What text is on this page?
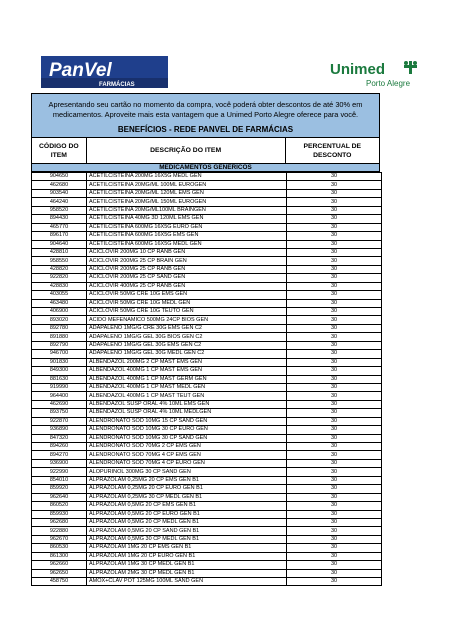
PanVel
FARMÁCIAS
Unimed
Porto Alegre
Apresentando seu cartão no momento da compra, você poderá obter descontos de até 30% em medicamentos. Aproveite mais esta vantagem que a Unimed Porto Alegre oferece para você.
BENEFÍCIOS - REDE PANVEL DE FARMÁCIAS
CÓDIGO DO ITEM
DESCRIÇÃO DO ITEM
PERCENTUAL DE DESCONTO
MEDICAMENTOS GENERICOS
904650	ACETILCISTEINA 200MG 16X5G MEDL GEN	30
462680	ACETILCISTEINA 20MG/ML 100ML EUROGEN	30
903540	ACETILCISTEINA 20MG/ML 120ML EMS GEN	30
464240	ACETILCISTEINA 20MG/ML 150ML EUROGEN	30
958520	ACETILCISTEINA 20MG/ML100ML BRAINGEN	30
894430	ACETILCISTEINA 40MG 3D 120ML EMS GEN	30
465770	ACETILCISTEINA 600MG 16X5G EURO GEN	30
896170	ACETILCISTEINA 600MG 16X5G EMS GEN	30
904640	ACETILCISTEINA 600MG 16X5G MEDL GEN	30
428810	ACICLOVIR 200MG 10 CP RANB GEN	30
958550	ACICLOVIR 200MG 25 CP BRAIN GEN	30
428820	ACICLOVIR 200MG 25 CP RANB GEN	30
922820	ACICLOVIR 200MG 25 CP SAND GEN	30
428830	ACICLOVIR 400MG 25 CP RANB GEN	30
403055	ACICLOVIR 50MG CRE 10G EMS GEN	30
463480	ACICLOVIR 50MG CRE 10G MEDL GEN	30
406900	ACICLOVIR 50MG CRE 10G TEUTO GEN	30
893020	ACIDO MEFENAMICO 500MG 24CP BIOS GEN	30
892780	ADAPALENO 1MG/G CRE 30G EMS GEN C2	30
891880	ADAPALENO 1MG/G GEL 30G BIOS GEN C2	30
892790	ADAPALENO 1MG/G GEL 30G EMS GEN C2	30
946700	ADAPALENO 1MG/G GEL 30G MEDL GEN C2	30
901830	ALBENDAZOL 200MG 2 CP MAST EMS GEN	30
849300	ALBENDAZOL 400MG 1 CP MAST EMS GEN	30
881630	ALBENDAZOL 400MG 1 CP MAST GERM GEN	30
919990	ALBENDAZOL 400MG 1 CP MAST MEDL GEN	30
964400	ALBENDAZOL 400MG 1 CP MAST TEUT GEN	30
462690	ALBENDAZOL SUSP ORAL 4% 10ML EMS GEN	30
893750	ALBENDAZOL SUSP ORAL 4% 10ML MEDLGEN	30
922870	ALENDRONATO SOD 10MG 15 CP SAND GEN	30
936890	ALENDRONATO SOD 10MG 30 CP EURO GEN	30
847320	ALENDRONATO SOD 10MG 30 CP SAND GEN	30
894260	ALENDRONATO SOD 70MG 2 CP EMS GEN	30
894270	ALENDRONATO SOD 70MG 4 CP EMS GEN	30
936900	ALENDRONATO SOD 70MG 4 CP EURO GEN	30
922990	ALOPURINOL 300MG 30 CP SAND GEN	30
854010	ALPRAZOLAM 0,25MG 20 CP EMS GEN B1	30
859920	ALPRAZOLAM 0,25MG 20 CP EURO GEN B1	30
962640	ALPRAZOLAM 0,25MG 30 CP MEDL GEN B1	30
860520	ALPRAZOLAM 0,5MG 20 CP EMS GEN B1	30
859930	ALPRAZOLAM 0,5MG 20 CP EURO GEN B1	30
962680	ALPRAZOLAM 0,5MG 20 CP MEDL GEN B1	30
922880	ALPRAZOLAM 0,5MG 20 CP SAND GEN B1	30
962670	ALPRAZOLAM 0,5MG 30 CP MEDL GEN B1	30
860530	ALPRAZOLAM 1MG 20 CP EMS GEN B1	30
861300	ALPRAZOLAM 1MG 20 CP EURO GEN B1	30
962660	ALPRAZOLAM 1MG 30 CP MEDL GEN B1	30
962650	ALPRAZOLAM 2MG 30 CP MEDL GEN B1	30
458750	AMOX+CLAV POT 125MG 100ML SAND GEN	30
